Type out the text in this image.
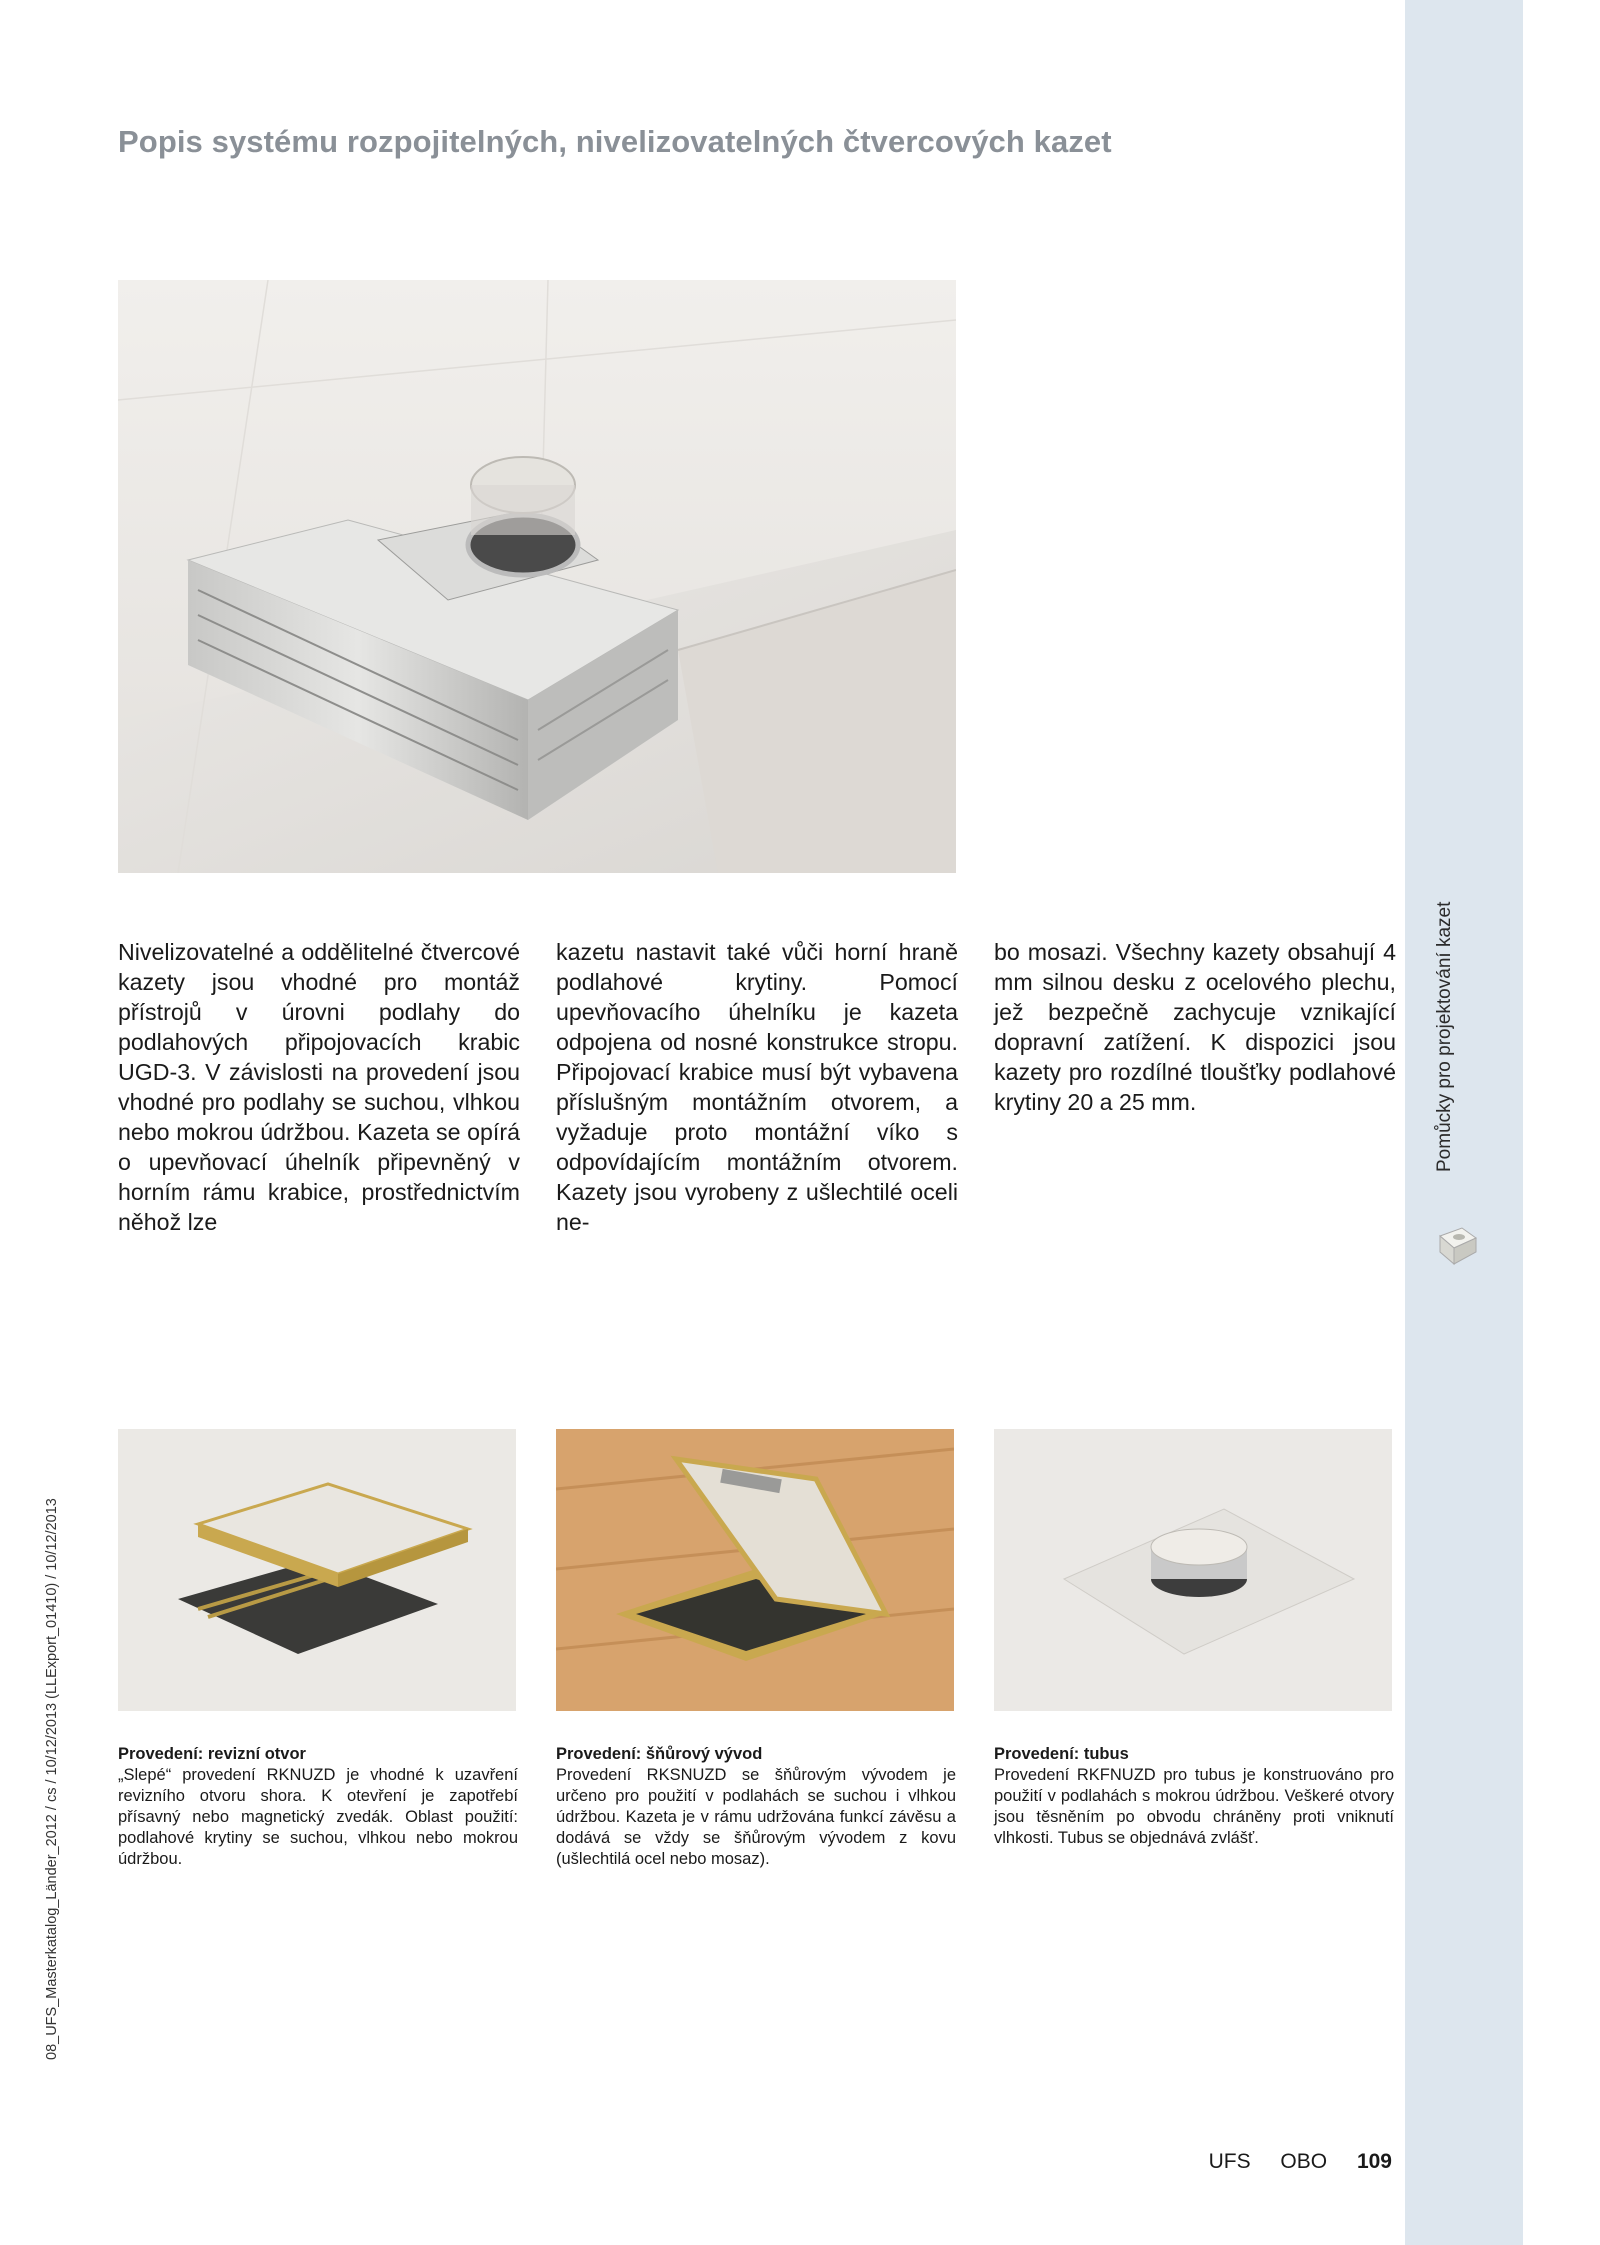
Pomůcky pro projektování kazet
08_UFS_Masterkatalog_Länder_2012 / cs / 10/12/2013 (LLExport_01410) / 10/12/2013
Popis systému rozpojitelných, nivelizovatelných čtvercových kazet
Nivelizovatelné a oddělitelné čtvercové kazety jsou vhodné pro montáž přístrojů v úrovni podlahy do podlahových připojovacích krabic UGD-3. V závislosti na provedení jsou vhodné pro podlahy se suchou, vlhkou nebo mokrou údržbou. Kazeta se opírá o upevňovací úhelník připevněný v horním rámu krabice, prostřednictvím něhož lze
kazetu nastavit také vůči horní hraně podlahové krytiny. Pomocí upevňovacího úhelníku je kazeta odpojena od nosné konstrukce stropu. Připojovací krabice musí být vybavena příslušným montážním otvorem, a vyžaduje proto montážní víko s odpovídajícím montážním otvorem. Kazety jsou vyrobeny z ušlechtilé oceli ne-
bo mosazi. Všechny kazety obsahují 4 mm silnou desku z ocelového plechu, jež bezpečně zachycuje vznikající dopravní zatížení. K dispozici jsou kazety pro rozdílné tloušťky podlahové krytiny 20 a 25 mm.
Provedení: revizní otvor
„Slepé“ provedení RKNUZD je vhodné k uzavření revizního otvoru shora. K otevření je zapotřebí přísavný nebo magnetický zvedák. Oblast použití: podlahové krytiny se suchou, vlhkou nebo mokrou údržbou.
Provedení: šňůrový vývod
Provedení RKSNUZD se šňůrovým vývodem je určeno pro použití v podlahách se suchou i vlhkou údržbou. Kazeta je v rámu udržována funkcí závěsu a dodává se vždy se šňůrovým vývodem z kovu (ušlechtilá ocel nebo mosaz).
Provedení: tubus
Provedení RKFNUZD pro tubus je konstruováno pro použití v podlahách s mokrou údržbou. Veškeré otvory jsou těsněním po obvodu chráněny proti vniknutí vlhkosti. Tubus se objednává zvlášť.
UFS OBO 109
